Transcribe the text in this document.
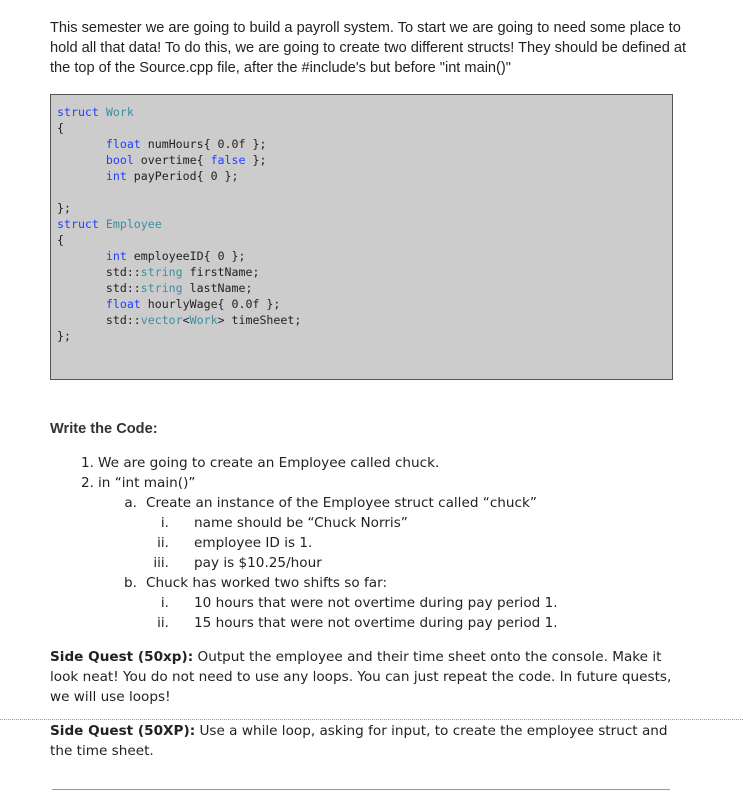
This semester we are going to build a payroll system. To start we are going to need some place to hold all that data! To do this, we are going to create two different structs! They should be defined at the top of the Source.cpp file, after the #include's but before "int main()"
struct Work
{
float numHours{ 0.0f };
bool overtime{ false };
int payPeriod{ 0 };
};
struct Employee
{
int employeeID{ 0 };
std::string firstName;
std::string lastName;
float hourlyWage{ 0.0f };
std::vector<Work> timeSheet;
};
Write the Code:
1. We are going to create an Employee called chuck.
2. in “int main()”
a. Create an instance of the Employee struct called “chuck”
i. name should be “Chuck Norris”
ii. employee ID is 1.
iii. pay is $10.25/hour
b. Chuck has worked two shifts so far:
i. 10 hours that were not overtime during pay period 1.
ii. 15 hours that were not overtime during pay period 1.
Side Quest (50xp): Output the employee and their time sheet onto the console. Make it look neat! You do not need to use any loops. You can just repeat the code. In future quests, we will use loops!
Side Quest (50XP): Use a while loop, asking for input, to create the employee struct and the time sheet.
